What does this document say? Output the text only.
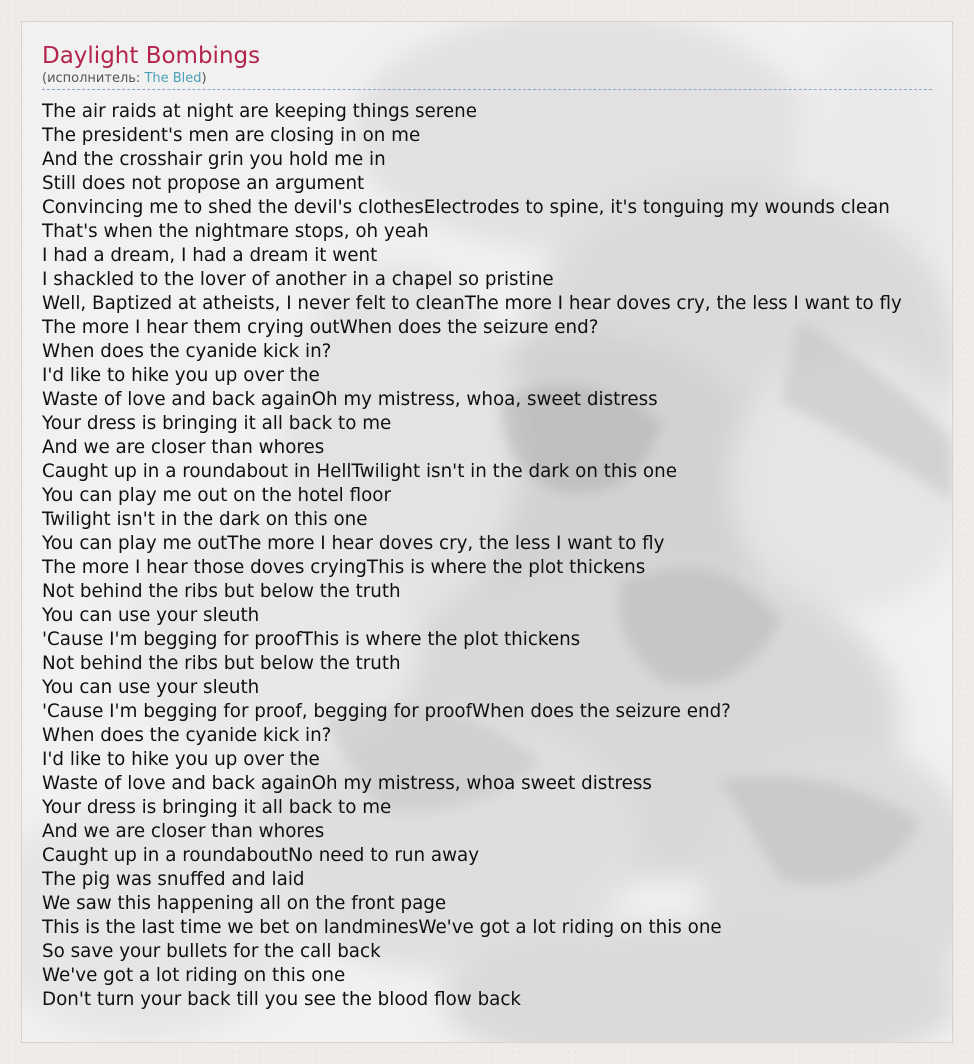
Daylight Bombings
(исполнитель: The Bled)
The air raids at night are keeping things serene
The president's men are closing in on me
And the crosshair grin you hold me in
Still does not propose an argument
Convincing me to shed the devil's clothesElectrodes to spine, it's tonguing my wounds clean
That's when the nightmare stops, oh yeah
I had a dream, I had a dream it went
I shackled to the lover of another in a chapel so pristine
Well, Baptized at atheists, I never felt to cleanThe more I hear doves cry, the less I want to fly
The more I hear them crying outWhen does the seizure end?
When does the cyanide kick in?
I'd like to hike you up over the
Waste of love and back againOh my mistress, whoa, sweet distress
Your dress is bringing it all back to me
And we are closer than whores
Caught up in a roundabout in HellTwilight isn't in the dark on this one
You can play me out on the hotel floor
Twilight isn't in the dark on this one
You can play me outThe more I hear doves cry, the less I want to fly
The more I hear those doves cryingThis is where the plot thickens
Not behind the ribs but below the truth
You can use your sleuth
'Cause I'm begging for proofThis is where the plot thickens
Not behind the ribs but below the truth
You can use your sleuth
'Cause I'm begging for proof, begging for proofWhen does the seizure end?
When does the cyanide kick in?
I'd like to hike you up over the
Waste of love and back againOh my mistress, whoa sweet distress
Your dress is bringing it all back to me
And we are closer than whores
Caught up in a roundaboutNo need to run away
The pig was snuffed and laid
We saw this happening all on the front page
This is the last time we bet on landminesWe've got a lot riding on this one
So save your bullets for the call back
We've got a lot riding on this one
Don't turn your back till you see the blood flow back
